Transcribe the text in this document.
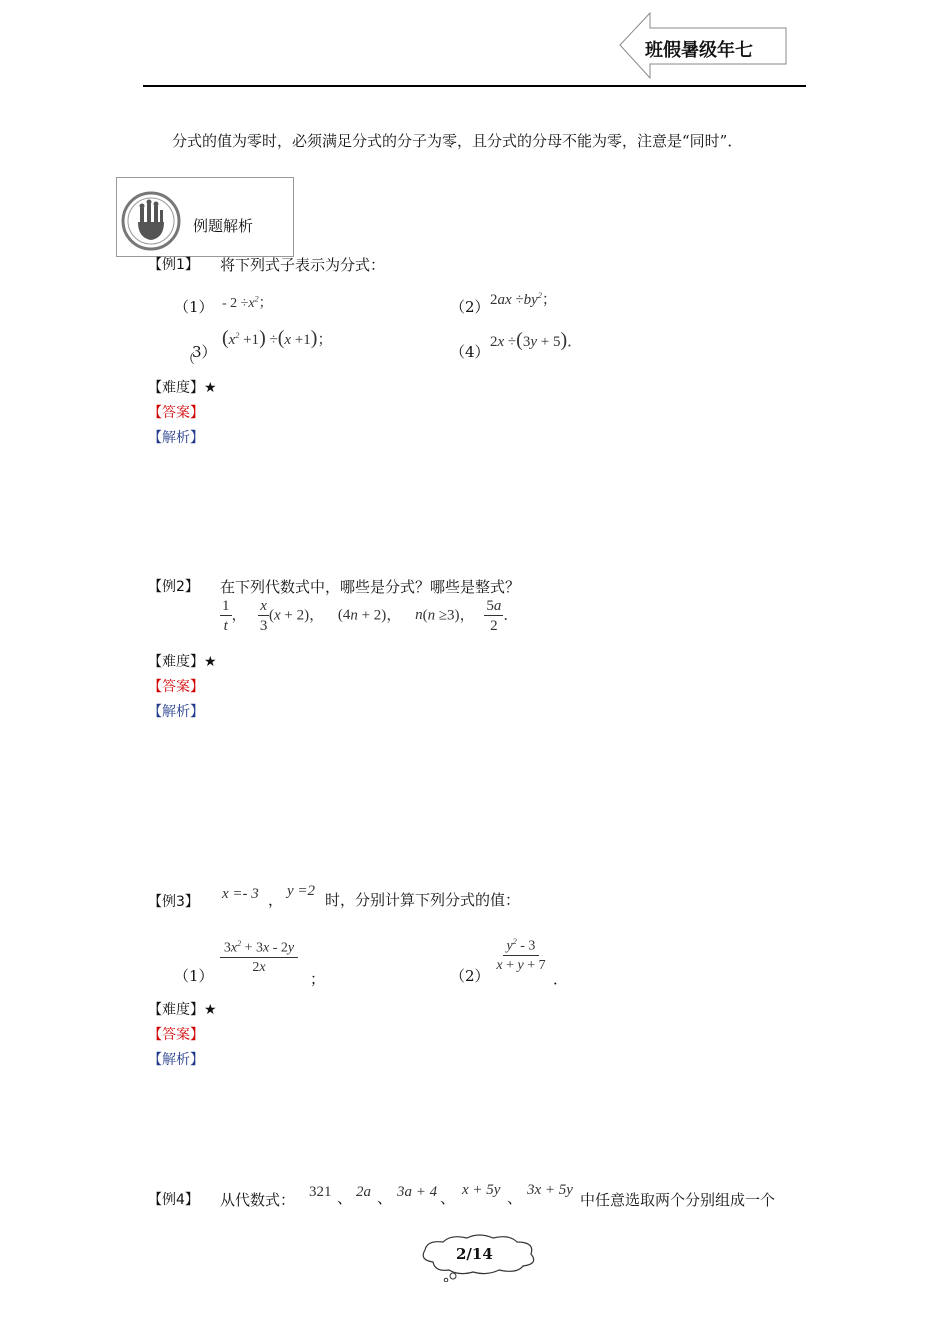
班假暑级年七
分式的值为零时，必须满足分式的分子为零，且分式的分母不能为零，注意是“同时”．
例题解析
【例1】 将下列式子表示为分式：
$(1) - 2 \div x^2$；	（2） $2ax \div by^2$；
（
3）
$(x^2 +1) \div(x +1)$；
（4）
2x ÷(3y + 5)．
【难度】★
【答案】
【解析】
【例2】 在下列代数式中，哪些是分式？哪些是整式？
$\frac{1}{t}$ ， $\frac{x}{3} (x + 2)$， (4n + 2)， n(n ≥3)， $\frac{5a}{2}$ ．
【难度】★
【答案】
【解析】
【例3】 x =- 3 ， y =2 时，分别计算下列分式的值：
（1）
$\frac{3x^2 + 3x - 2y}{2x}$
；	（2）
$\frac{y^2 - 3}{x + y + 7}$
．
【难度】★
【答案】
【解析】
【例4】 从代数式： 321 、 2a 、 3a + 4 、 x + 5y 、 3x + 5y
中任意选取两个分别组成一个
2/14
